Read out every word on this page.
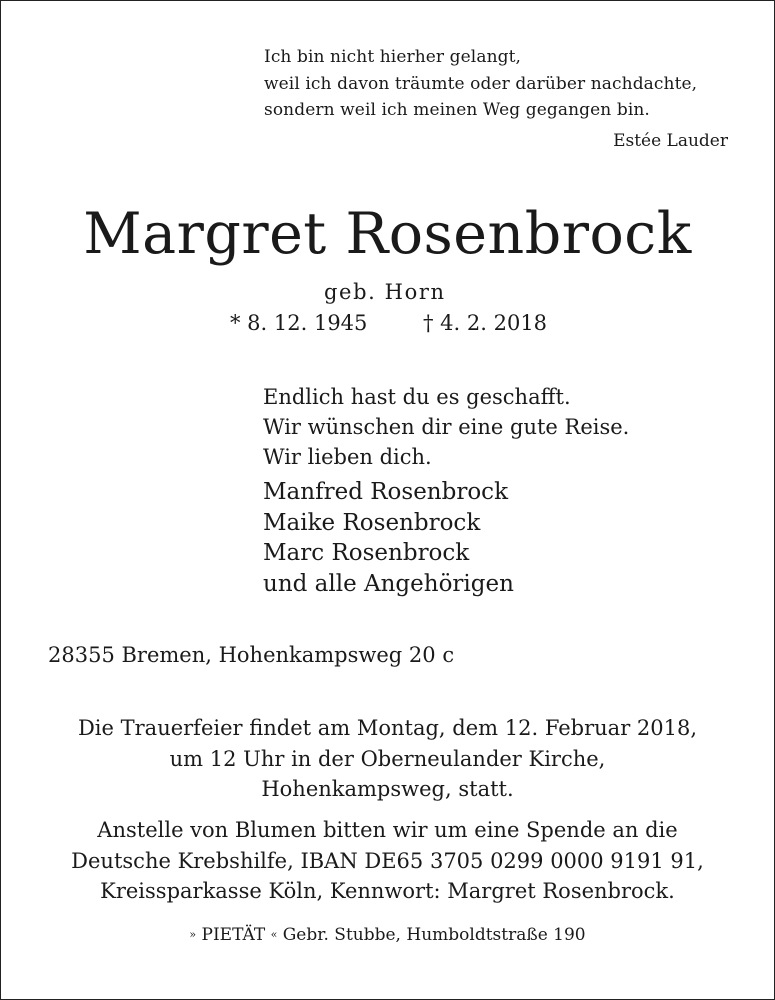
Ich bin nicht hierher gelangt,
weil ich davon träumte oder darüber nachdachte,
sondern weil ich meinen Weg gegangen bin.
Estée Lauder
Margret Rosenbrock
geb. Horn
* 8. 12. 1945	† 4. 2. 2018
Endlich hast du es geschafft.
Wir wünschen dir eine gute Reise.
Wir lieben dich.
Manfred Rosenbrock
Maike Rosenbrock
Marc Rosenbrock
und alle Angehörigen
28355 Bremen, Hohenkampsweg 20 c
Die Trauerfeier findet am Montag, dem 12. Februar 2018,
um 12 Uhr in der Oberneulander Kirche,
Hohenkampsweg, statt.
Anstelle von Blumen bitten wir um eine Spende an die
Deutsche Krebshilfe, IBAN DE65 3705 0299 0000 9191 91,
Kreissparkasse Köln, Kennwort: Margret Rosenbrock.
» PIETÄT « Gebr. Stubbe, Humboldtstraße 190
